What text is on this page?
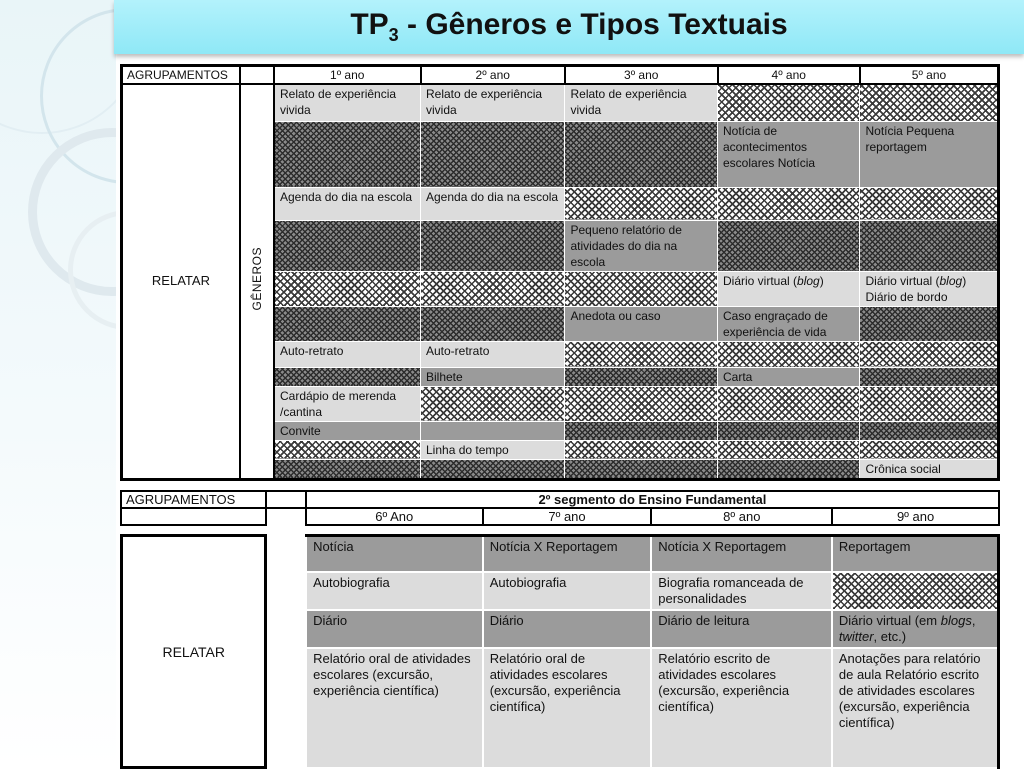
$TP_3$ - Gêneros e Tipos Textuais
AGRUPAMENTOS		1º ano	2º ano	3º ano	4º ano	5º ano
RELATAR	GÊNEROS	Relato de experiência vivida	Relato de experiência vivida	Relato de experiência vivida		
					Notícia de acontecimentos escolares Notícia	Notícia Pequena reportagem
		Agenda do dia na escola	Agenda do dia na escola			
				Pequeno relatório de atividades do dia na escola		
					Diário virtual (blog)	Diário virtual (blog) Diário de bordo
				Anedota ou caso	Caso engraçado de experiência de vida	
		Auto-retrato	Auto-retrato			
			Bilhete		Carta	
		Cardápio de merenda /cantina				
		Convite				
			Linha do tempo			
						Crônica social
AGRUPAMENTOS		2º segmento do Ensino Fundamental			
		6º Ano	7º ano	8º ano	9º ano
RELATAR		Notícia	Notícia X Reportagem	Notícia X Reportagem	Reportagem
		Autobiografia	Autobiografia	Biografia romanceada de personalidades	
		Diário	Diário	Diário de leitura	Diário virtual (em blogs, twitter, etc.)
		Relatório oral de atividades escolares (excursão, experiência científica)	Relatório oral de atividades escolares (excursão, experiência científica)	Relatório escrito de atividades escolares (excursão, experiência científica)	Anotações para relatório de aula Relatório escrito de atividades escolares (excursão, experiência científica)
